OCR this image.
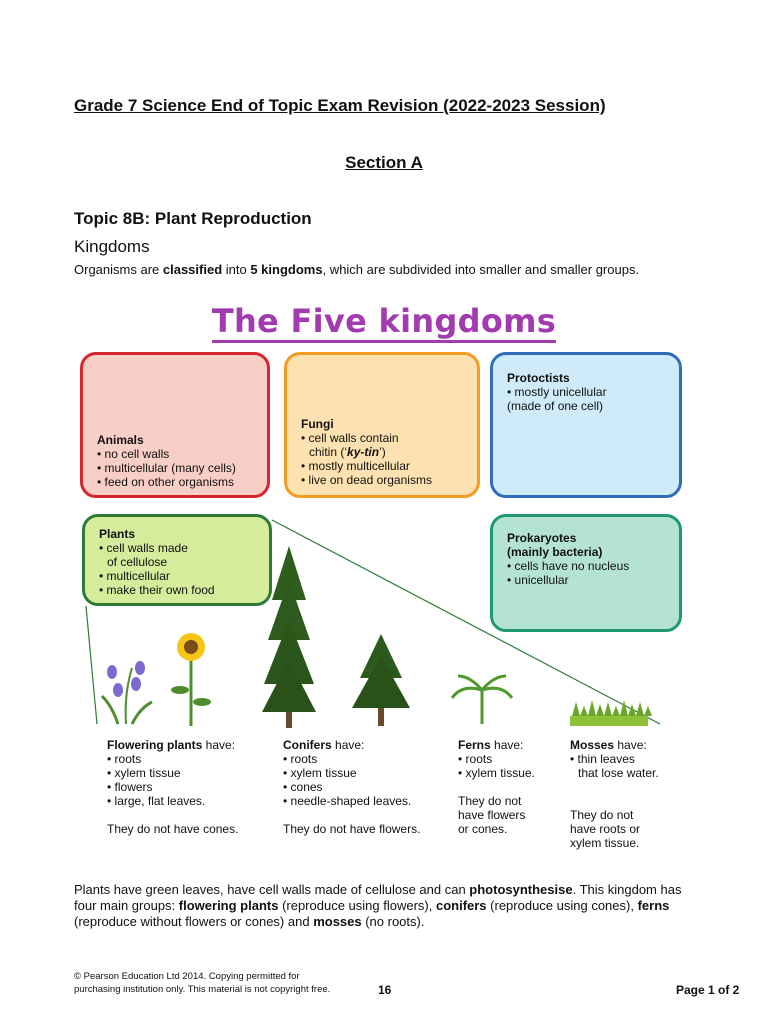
Grade 7 Science End of Topic Exam Revision (2022-2023 Session)
Section A
Topic 8B: Plant Reproduction
Kingdoms
Organisms are classified into 5 kingdoms, which are subdivided into smaller and smaller groups.
The Five kingdoms
Animals
• no cell walls
• multicellular (many cells)
• feed on other organisms
Fungi
• cell walls contain
chitin (‘ky-tin’)
• mostly multicellular
• live on dead organisms
Protoctists
• mostly unicellular
(made of one cell)
Plants
• cell walls made
of cellulose
• multicellular
• make their own food
Prokaryotes
(mainly bacteria)
• cells have no nucleus
• unicellular
Flowering plants have:
• roots
• xylem tissue
• flowers
• large, flat leaves.
They do not have cones.
Conifers have:
• roots
• xylem tissue
• cones
• needle-shaped leaves.
They do not have flowers.
Ferns have:
• roots
• xylem tissue.
They do not
have flowers
or cones.
Mosses have:
• thin leaves
that lose water.
They do not
have roots or
xylem tissue.
Plants have green leaves, have cell walls made of cellulose and can photosynthesise. This kingdom has four main groups: flowering plants (reproduce using flowers), conifers (reproduce using cones), ferns (reproduce without flowers or cones) and mosses (no roots).
© Pearson Education Ltd 2014. Copying permitted for
purchasing institution only. This material is not copyright free.	16	Page 1 of 2
